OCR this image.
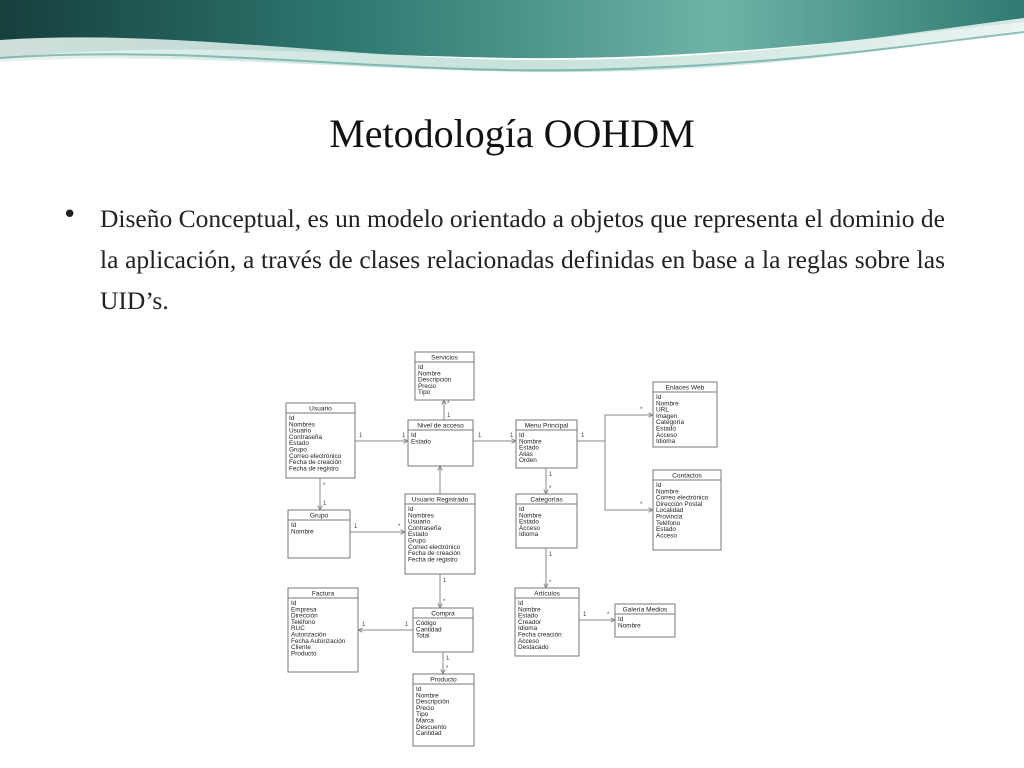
Metodología OOHDM
• Diseño Conceptual, es un modelo orientado a objetos que representa el dominio de la aplicación, a través de clases relacionadas definidas en base a la reglas sobre las UID’s.
1	1
1
*
1	1	1
*
*
*
1
1	*
1
*
1
*
1
*
1
1
1	*
1
*
Servicios
Id
Nombre
Descripción
Precio
Tipo
Enlaces Web
Id
Nombre
URL
Imagen
Categoría
Estado
Acceso
Idioma
Usuario
Id
Nombres
Usuario
Contraseña
Estado
Grupo
Correo electrónico
Fecha de creación
Fecha de registro
Nivel de acceso
Id
Estado
Menu Principal
Id
Nombre
Estado
Alias
Orden
Contactos
Id
Nombre
Correo electrónico
Dirección Postal
Localidad
Provincia
Teléfono
Estado
Acceso
Grupo
Id
Nombre
Usuario Registrado
Id
Nombres
Usuario
Contraseña
Estado
Grupo
Correo electrónico
Fecha de creación
Fecha de registro
Categorías
Id
Nombre
Estado
Acceso
Idioma
Factura
Id
Empresa
Dirección
Teléfono
RUC
Autorización
Fecha Autorización
Cliente
Producto
Compra
Código
Cantidad
Total
Artículos
Id
Nombre
Estado
Creador
Idioma
Fecha creación
Acceso
Destacado
Galería Medios
Id
Nombre
Producto
Id
Nombre
Descripción
Precio
Tipo
Marca
Descuento
Cantidad
